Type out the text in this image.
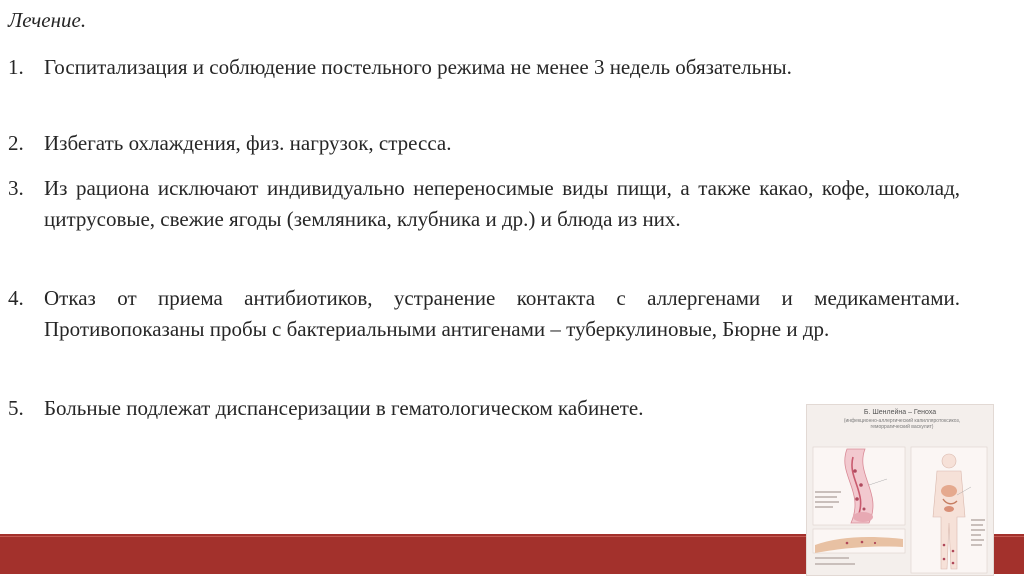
Лечение.
1. Госпитализация и соблюдение постельного режима не менее 3 недель обязательны.
2. Избегать охлаждения, физ. нагрузок, стресса.
3. Из рациона исключают индивидуально непереносимые виды пищи, а также какао, кофе, шоколад, цитрусовые, свежие ягоды (земляника, клубника и др.) и блюда из них.
4. Отказ от приема антибиотиков, устранение контакта с аллергенами и медикаментами. Противопоказаны пробы с бактериальными антигенами – туберкулиновые, Бюрне и др.
5. Больные подлежат диспансеризации в гематологическом кабинете.	Б. Шенлейна – Геноха
(инфекционно-аллергический капилляротоксикоз, геморрагический васкулит)
